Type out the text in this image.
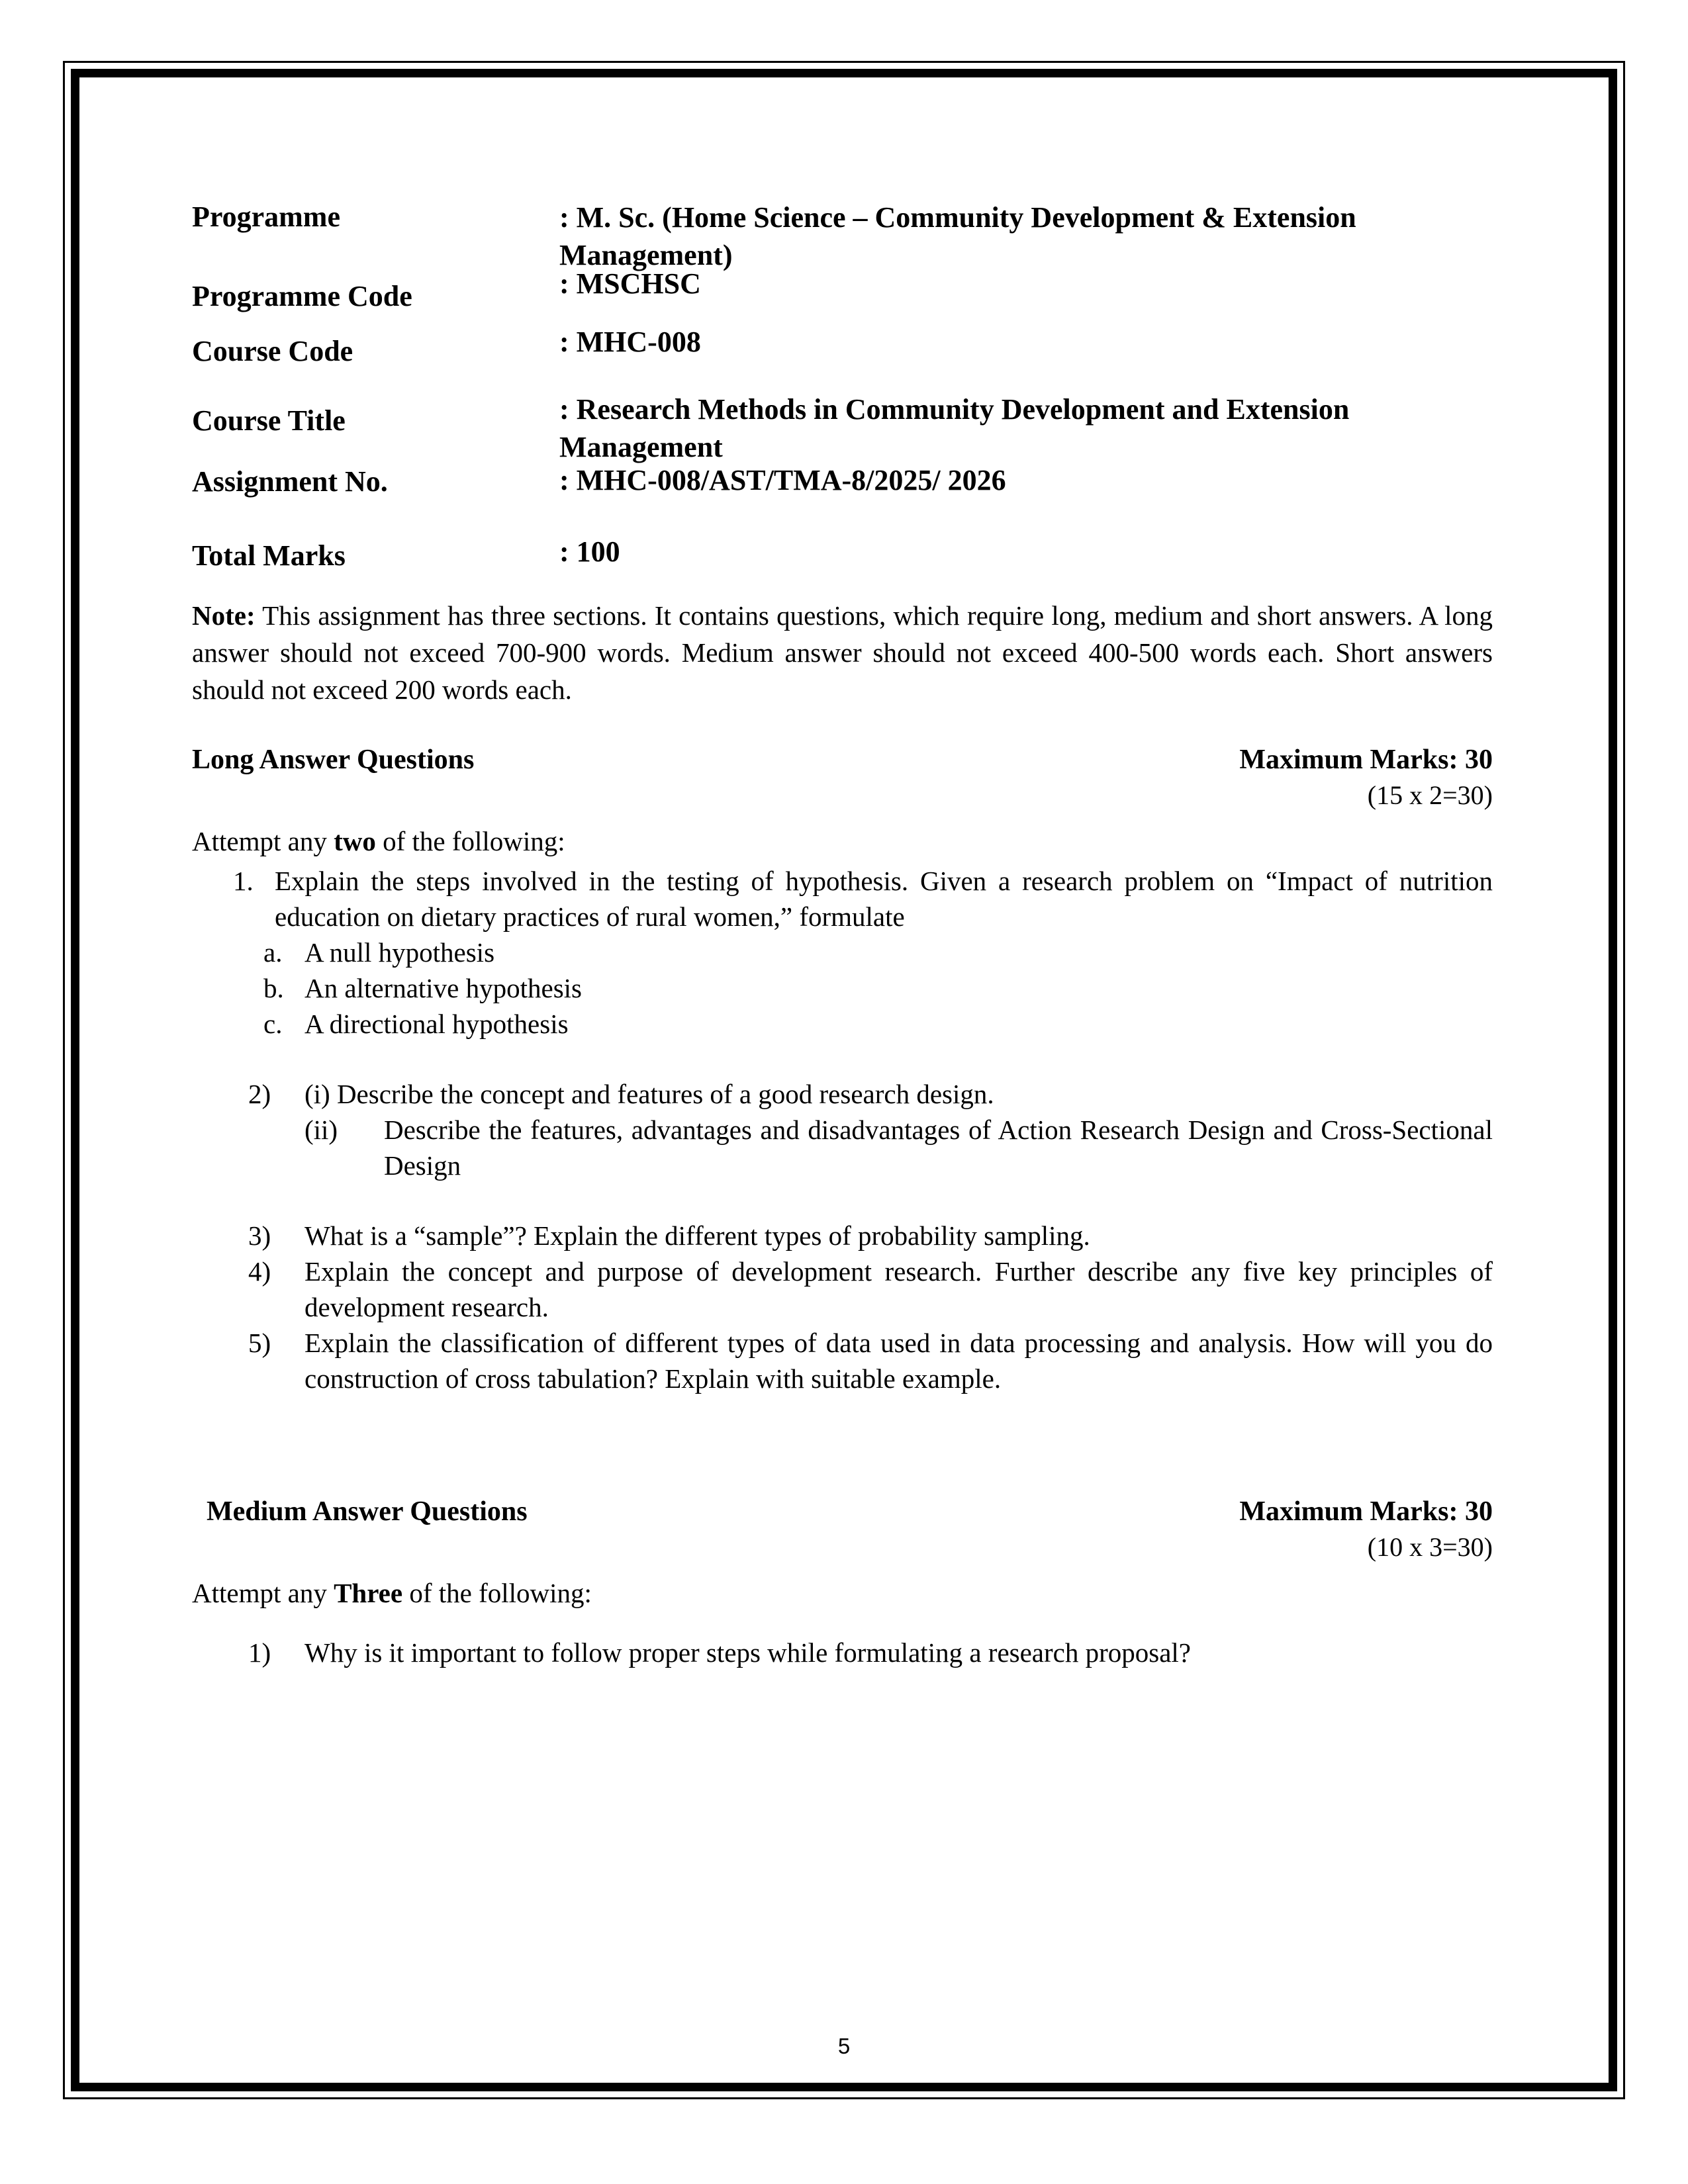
Programme	: M. Sc. (Home Science – Community Development & Extension Management)
Programme Code	: MSCHSC
Course Code	: MHC-008
Course Title	: Research Methods in Community Development and Extension Management
Assignment No.	: MHC-008/AST/TMA-8/2025/ 2026
Total Marks	: 100
Note: This assignment has three sections. It contains questions, which require long, medium and short answers. A long answer should not exceed 700-900 words. Medium answer should not exceed 400-500 words each. Short answers should not exceed 200 words each.
Long Answer Questions	Maximum Marks: 30
(15 x 2=30)
Attempt any two of the following:
1. Explain the steps involved in the testing of hypothesis. Given a research problem on “Impact of nutrition education on dietary practices of rural women,” formulate
a. A null hypothesis
b. An alternative hypothesis
c. A directional hypothesis
2) (i) Describe the concept and features of a good research design.
(ii) Describe the features, advantages and disadvantages of Action Research Design and Cross-Sectional Design
3) What is a “sample”? Explain the different types of probability sampling.
4) Explain the concept and purpose of development research. Further describe any five key principles of development research.
5) Explain the classification of different types of data used in data processing and analysis. How will you do construction of cross tabulation? Explain with suitable example.
Medium Answer Questions	Maximum Marks: 30
(10 x 3=30)
Attempt any Three of the following:
1) Why is it important to follow proper steps while formulating a research proposal?
5
